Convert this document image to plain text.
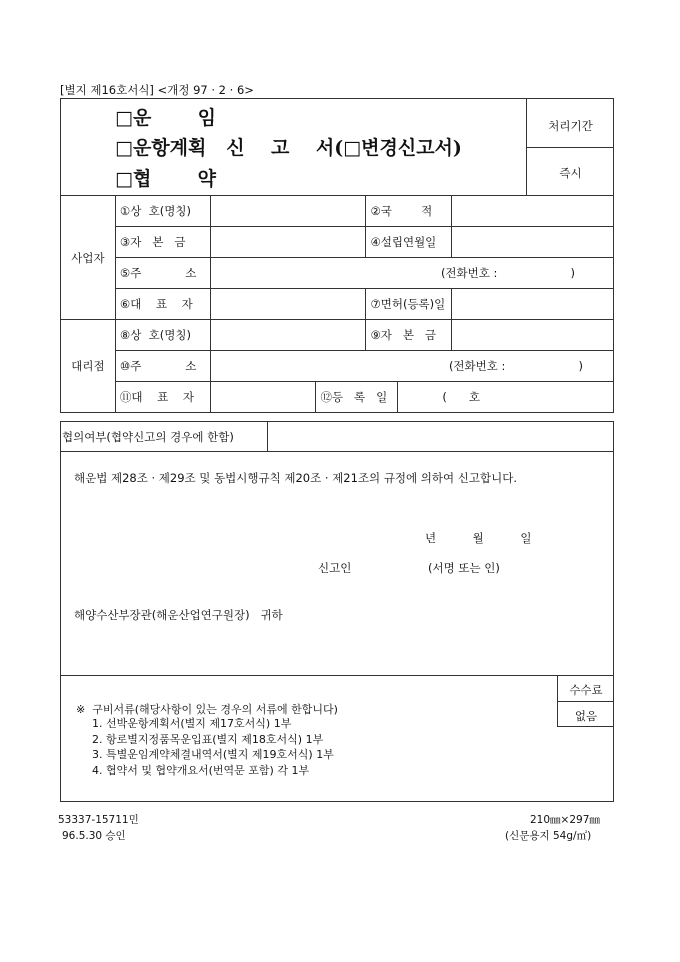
[별지 제16호서식] <개정 97 · 2 · 6>
□운       임
□운항계획   신    고    서(□변경신고서)
□협       약
처리기간
즉시
사업자	①상  호(명칭)			②국        적		
	③자   본   금			④설립연월일		
	⑤주            소	(전화번호 :                    )				
	⑥대    표    자			⑦면허(등록)일		
대리점	⑧상  호(명칭)			⑨자   본   금		
	⑩주            소	(전화번호 :                    )				
	⑪대    표    자		⑫등   록   일		(      호	
협의여부(협약신고의 경우에 한함)
해운법 제28조 · 제29조 및 동법시행규칙 제20조 · 제21조의 규정에 의하여 신고합니다.
년          월          일
신고인	(서명 또는 인)
해양수산부장관(해운산업연구원장)   귀하
수수료
없음
※  구비서류(해당사항이 있는 경우의 서류에 한합니다)
1. 선박운항계획서(별지 제17호서식) 1부
2. 항로별지정품목운입표(별지 제18호서식) 1부
3. 특별운임계약체결내역서(별지 제19호서식) 1부
4. 협약서 및 협약개요서(번역문 포함) 각 1부
53337-15711민
96.5.30 승인
210㎜×297㎜
(신문용지 54g/㎡)
